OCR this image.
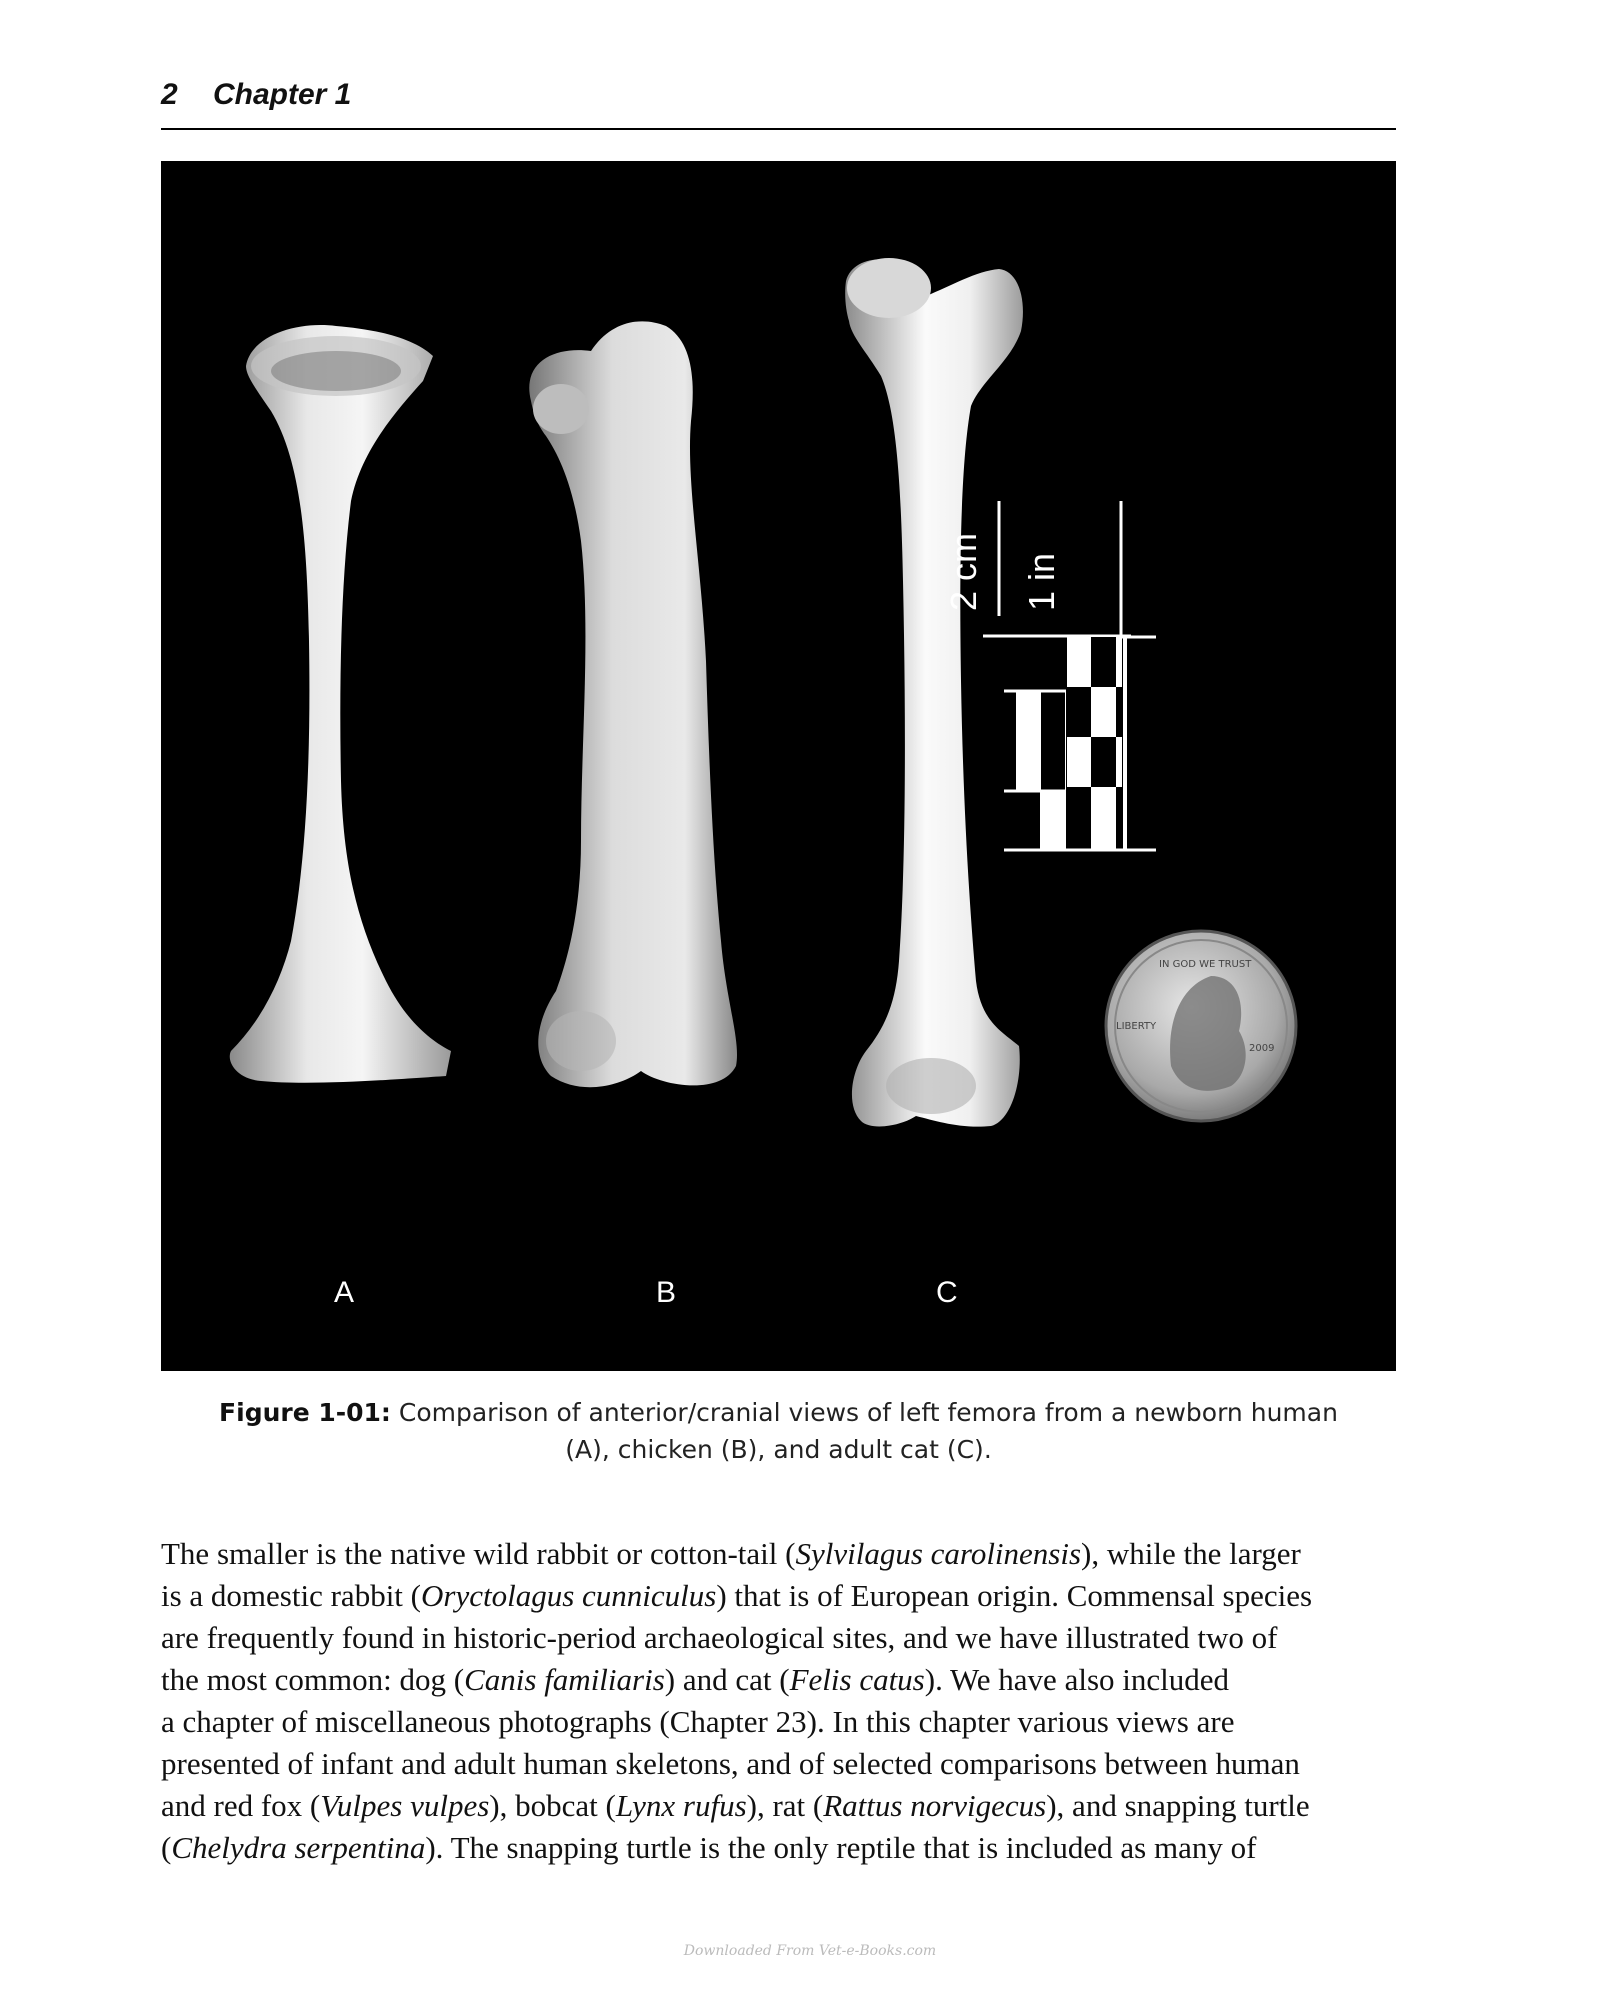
2 Chapter 1
2 cm 1 in
IN GOD WE TRUST
LIBERTY
2009
A	B	C
Figure 1-01: Comparison of anterior/cranial views of left femora from a newborn human
(A), chicken (B), and adult cat (C).

The smaller is the native wild rabbit or cotton-tail (Sylvilagus carolinensis), while the larger

is a domestic rabbit (Oryctolagus cunniculus) that is of European origin. Commensal species

are frequently found in historic-period archaeological sites, and we have illustrated two of

the most common: dog (Canis familiaris) and cat (Felis catus). We have also included

a chapter of miscellaneous photographs (Chapter 23). In this chapter various views are

presented of infant and adult human skeletons, and of selected comparisons between human

and red fox (Vulpes vulpes), bobcat (Lynx rufus), rat (Rattus norvigecus), and snapping turtle

(Chelydra serpentina). The snapping turtle is the only reptile that is included as many of

Downloaded From Vet-e-Books.com
